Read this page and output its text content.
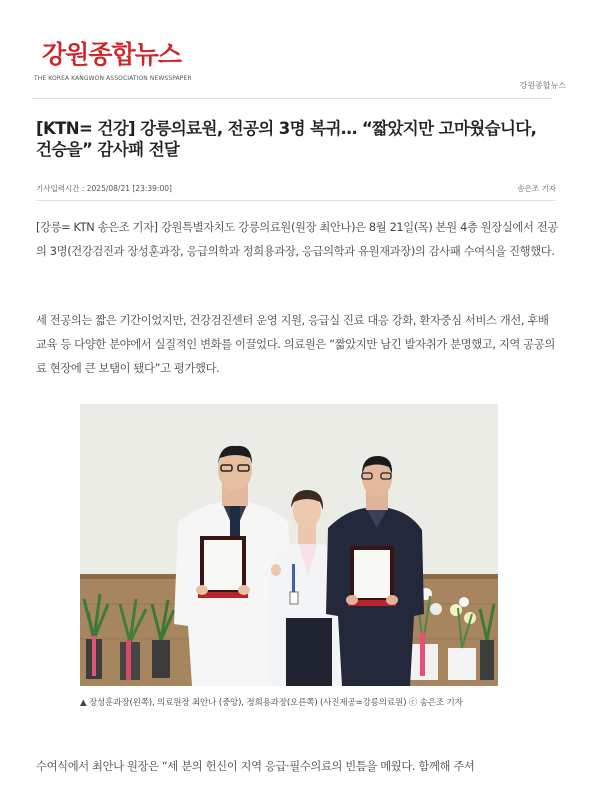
강원종합뉴스
THE KOREA KANGWON ASSOCIATION NEWSSPAPER
강원종합뉴스
[KTN= 건강] 강릉의료원, 전공의 3명 복귀… “짧았지만 고마웠습니다, 건승을” 감사패 전달
기사입력시간 : 2025/08/21 [23:39:00]	송은조 기자

[강릉= KTN 송은조 기자] 강원특별자치도 강릉의료원(원장 최안나)은 8월 21일(목) 본원 4층 원장실에서 전공의 3명(건강검진과 장성훈과장, 응급의학과 정희용과장, 응급의학과 유원재과장)의 감사패 수여식을 진행했다.

세 전공의는 짧은 기간이었지만, 건강검진센터 운영 지원, 응급실 진료 대응 강화, 환자중심 서비스 개선, 후배 교육 등 다양한 분야에서 실질적인 변화를 이끌었다. 의료원은 “짧았지만 남긴 발자취가 분명했고, 지역 공공의료 현장에 큰 보탬이 됐다”고 평가했다.

▲ 장성훈과장(왼쪽), 의료원장 최안나 (중앙), 정희용과장(오른쪽) (사진제공=강릉의료원) ⓒ 송은조 기자

수여식에서 최안나 원장은 “세 분의 헌신이 지역 응급·필수의료의 빈틈을 메웠다. 함께해 주셔
